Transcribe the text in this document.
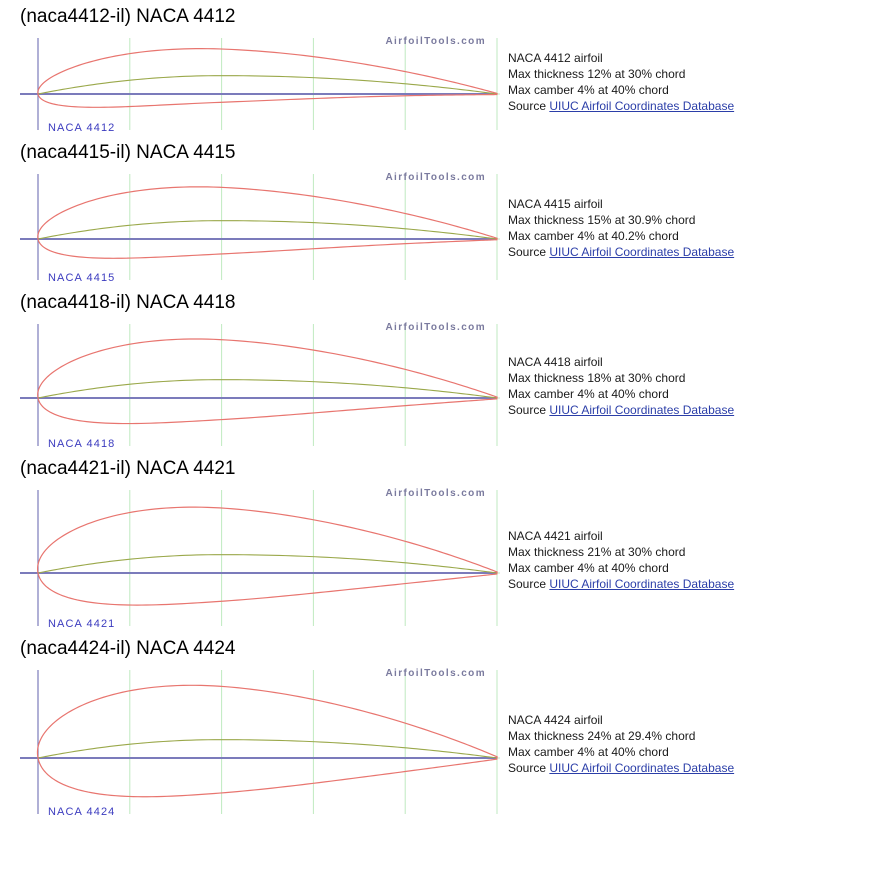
(naca4412-il) NACA 4412
AirfoilTools.com
NACA 4412
NACA 4412 airfoil
Max thickness 12% at 30% chord
Max camber 4% at 40% chord
Source UIUC Airfoil Coordinates Database
(naca4415-il) NACA 4415
AirfoilTools.com
NACA 4415
NACA 4415 airfoil
Max thickness 15% at 30.9% chord
Max camber 4% at 40.2% chord
Source UIUC Airfoil Coordinates Database
(naca4418-il) NACA 4418
AirfoilTools.com
NACA 4418
NACA 4418 airfoil
Max thickness 18% at 30% chord
Max camber 4% at 40% chord
Source UIUC Airfoil Coordinates Database
(naca4421-il) NACA 4421
AirfoilTools.com
NACA 4421
NACA 4421 airfoil
Max thickness 21% at 30% chord
Max camber 4% at 40% chord
Source UIUC Airfoil Coordinates Database
(naca4424-il) NACA 4424
AirfoilTools.com
NACA 4424
NACA 4424 airfoil
Max thickness 24% at 29.4% chord
Max camber 4% at 40% chord
Source UIUC Airfoil Coordinates Database
